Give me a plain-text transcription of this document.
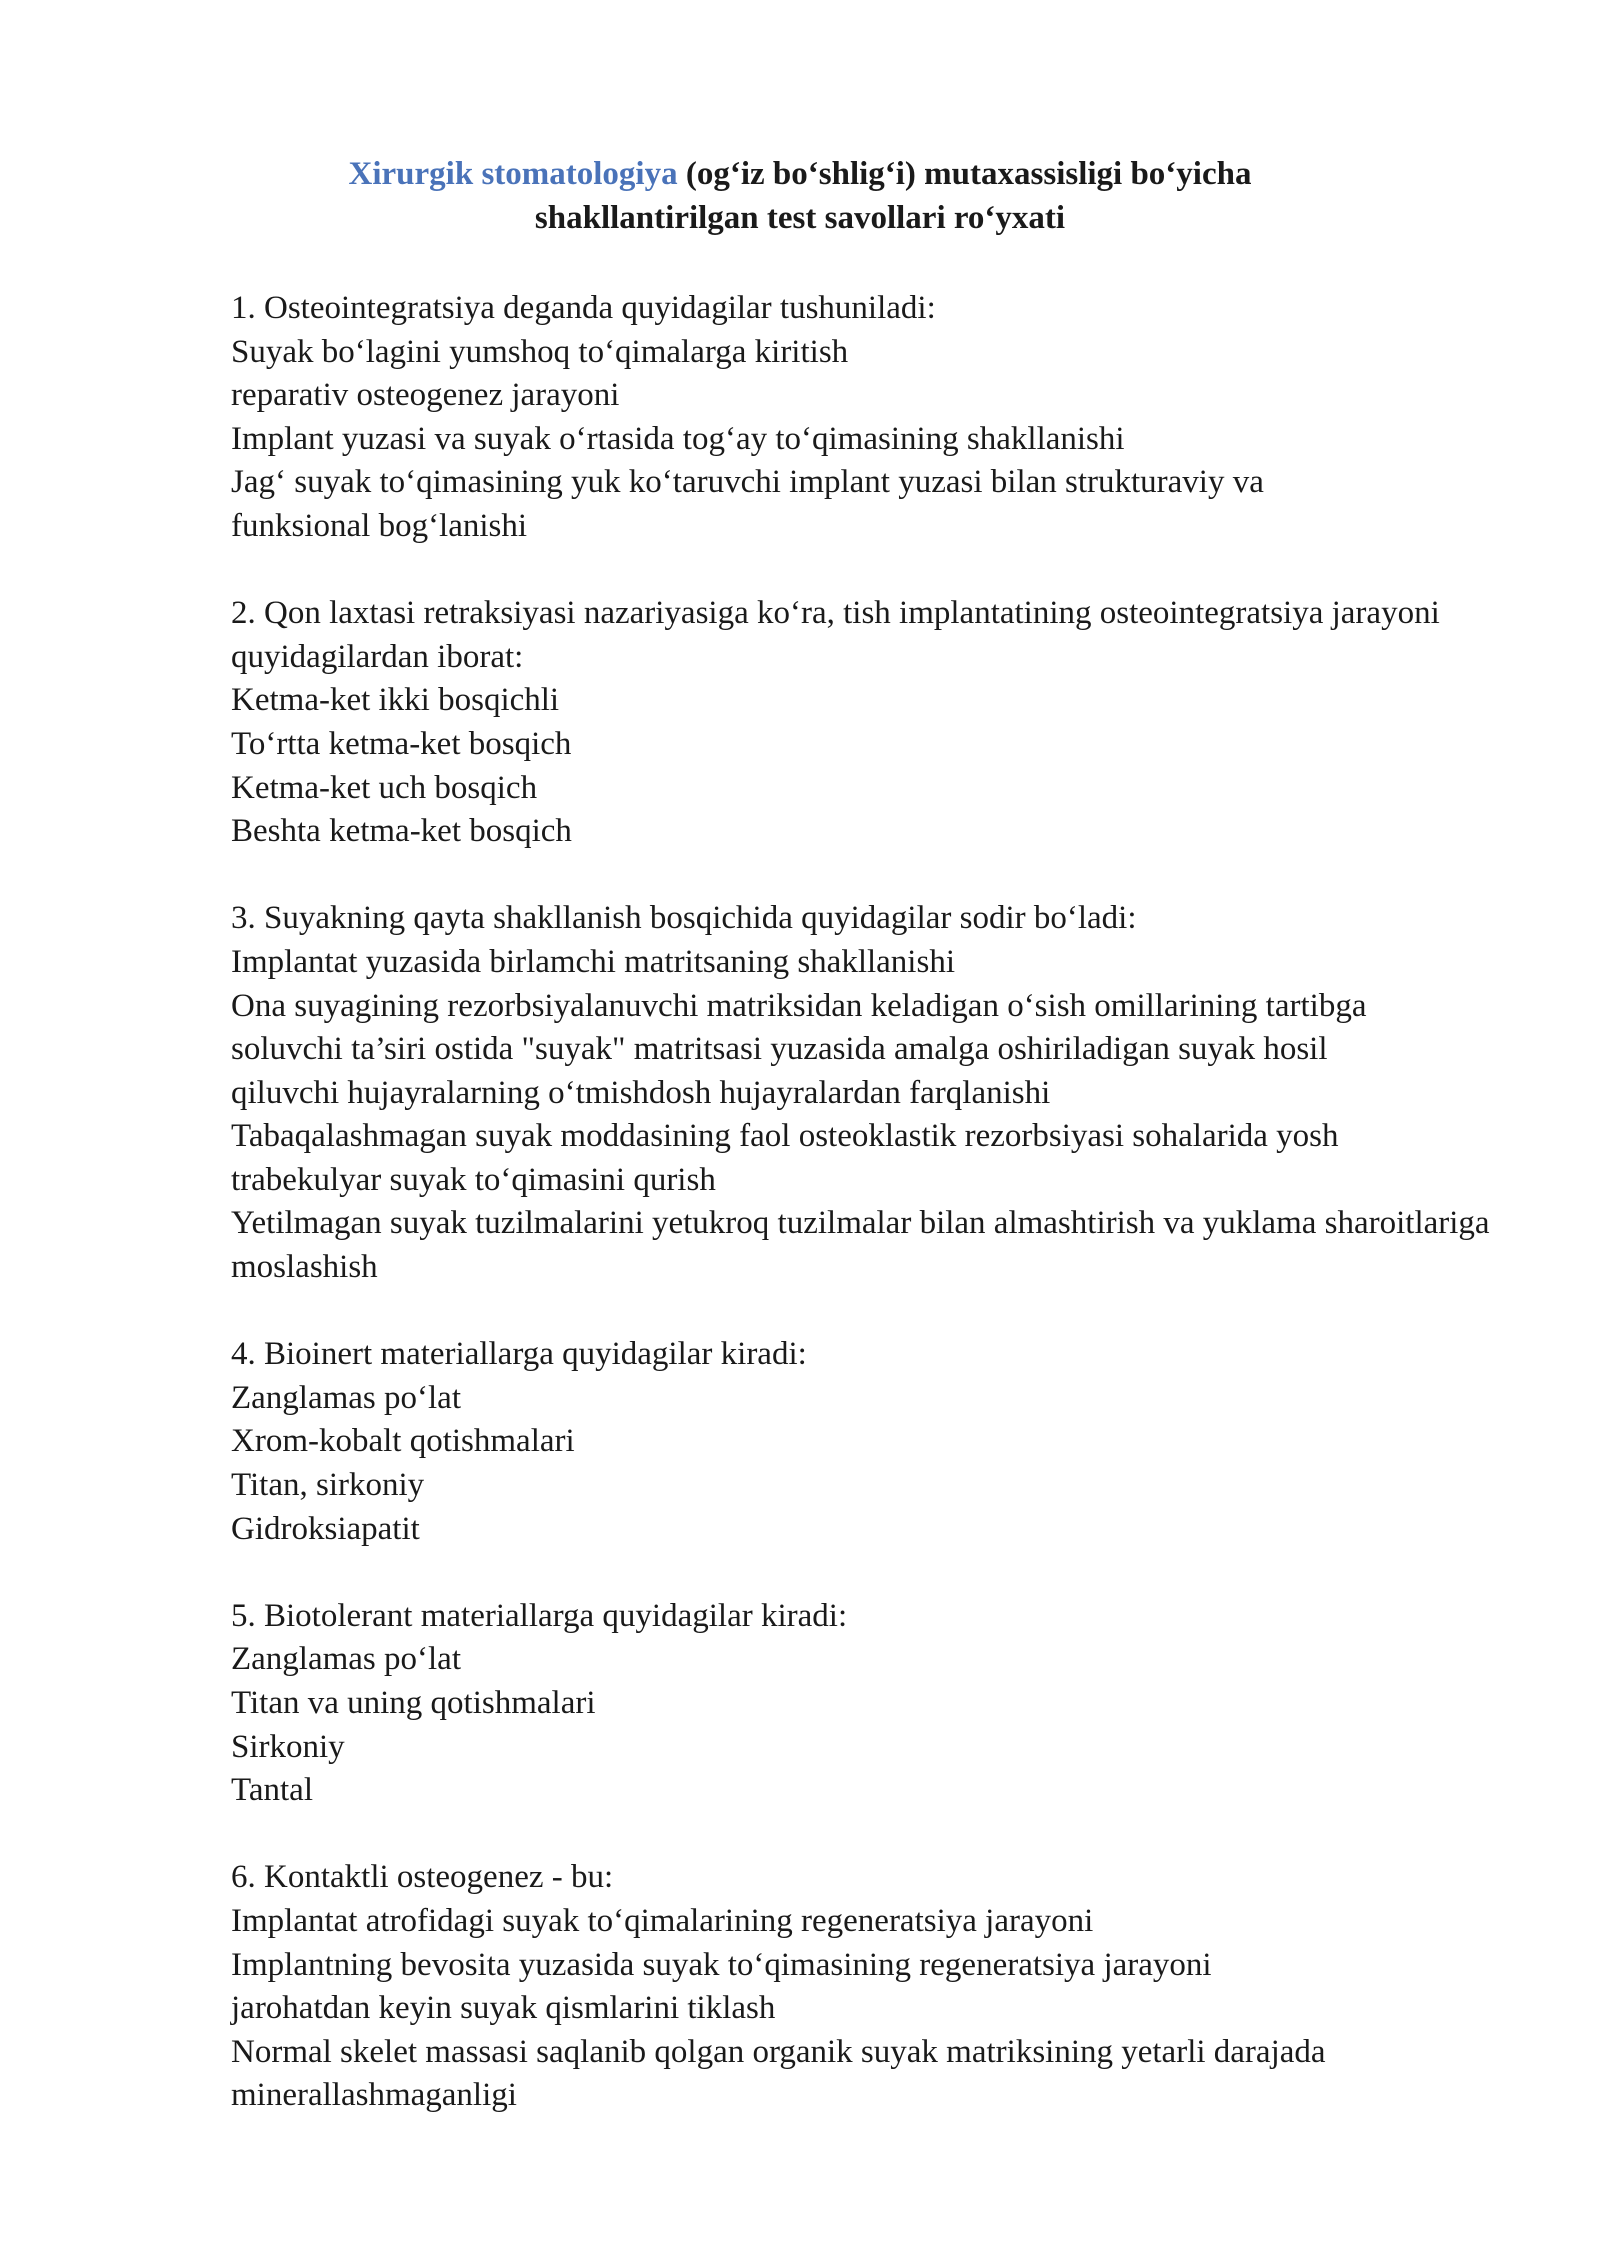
Xirurgik stomatologiya (og‘iz bo‘shlig‘i) mutaxassisligi bo‘yicha
shakllantirilgan test savollari ro‘yxati
1. Osteointegratsiya deganda quyidagilar tushuniladi:
Suyak bo‘lagini yumshoq to‘qimalarga kiritish
reparativ osteogenez jarayoni
Implant yuzasi va suyak o‘rtasida tog‘ay to‘qimasining shakllanishi
Jag‘ suyak to‘qimasining yuk ko‘taruvchi implant yuzasi bilan strukturaviy va funksional bog‘lanishi
2. Qon laxtasi retraksiyasi nazariyasiga ko‘ra, tish implantatining osteointegratsiya jarayoni quyidagilardan iborat:
Ketma-ket ikki bosqichli
To‘rtta ketma-ket bosqich
Ketma-ket uch bosqich
Beshta ketma-ket bosqich
3. Suyakning qayta shakllanish bosqichida quyidagilar sodir bo‘ladi:
Implantat yuzasida birlamchi matritsaning shakllanishi
Ona suyagining rezorbsiyalanuvchi matriksidan keladigan o‘sish omillarining tartibga soluvchi ta’siri ostida "suyak" matritsasi yuzasida amalga oshiriladigan suyak hosil qiluvchi hujayralarning o‘tmishdosh hujayralardan farqlanishi
Tabaqalashmagan suyak moddasining faol osteoklastik rezorbsiyasi sohalarida yosh trabekulyar suyak to‘qimasini qurish
Yetilmagan suyak tuzilmalarini yetukroq tuzilmalar bilan almashtirish va yuklama sharoitlariga moslashish
4. Bioinert materiallarga quyidagilar kiradi:
Zanglamas po‘lat
Xrom-kobalt qotishmalari
Titan, sirkoniy
Gidroksiapatit
5. Biotolerant materiallarga quyidagilar kiradi:
Zanglamas po‘lat
Titan va uning qotishmalari
Sirkoniy
Tantal
6. Kontaktli osteogenez - bu:
Implantat atrofidagi suyak to‘qimalarining regeneratsiya jarayoni
Implantning bevosita yuzasida suyak to‘qimasining regeneratsiya jarayoni
jarohatdan keyin suyak qismlarini tiklash
Normal skelet massasi saqlanib qolgan organik suyak matriksining yetarli darajada minerallashmaganligi
